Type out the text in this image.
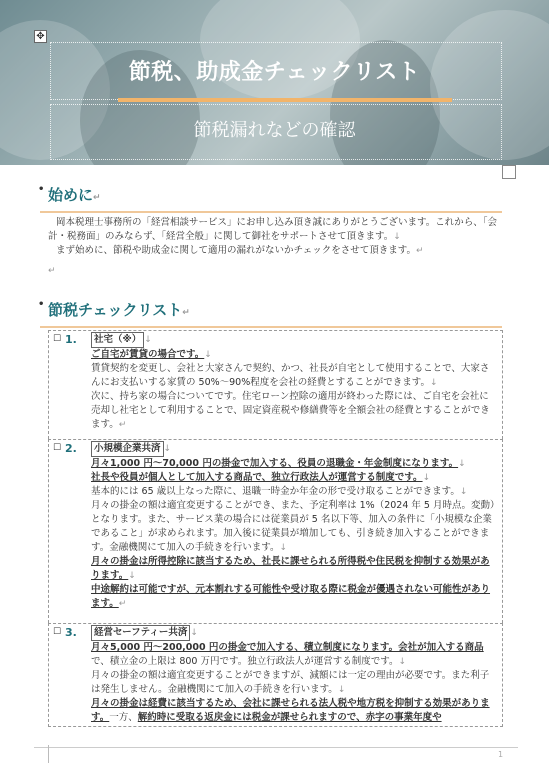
✥
節税、助成金チェックリスト
節税漏れなどの確認
• 始めに↵
岡本税理士事務所の「経営相談サービス」にお申し込み頂き誠にありがとうございます。これから、「会計・税務面」のみならず、「経営全般」に関して御社をサポートさせて頂きます。↓
まず始めに、節税や助成金に関して適用の漏れがないかチェックをさせて頂きます。↵
↵
• 節税チェックリスト↵
☐ 1.	社宅（※） ↓
ご自宅が賃貸の場合です。↓
賃貸契約を変更し、会社と大家さんで契約、かつ、社長が自宅として使用することで、大家さんにお支払いする家賃の 50%～90%程度を会社の経費とすることができます。↓
次に、持ち家の場合についてです。住宅ローン控除の適用が終わった際には、ご自宅を会社に売却し社宅として利用することで、固定資産税や修繕費等を全額会社の経費とすることができます。↵
☐ 2.	小規模企業共済 ↓
月々1,000 円～70,000 円の掛金で加入する、役員の退職金・年金制度になります。↓
社長や役員が個人として加入する商品で、独立行政法人が運営する制度です。↓
基本的には 65 歳以上なった際に、退職一時金か年金の形で受け取ることができます。↓
月々の掛金の額は適宜変更することができ、また、予定利率は 1%（2024 年 5 月時点。変動）となります。また、サービス業の場合には従業員が 5 名以下等、加入の条件に「小規模な企業であること」が求められます。加入後に従業員が増加しても、引き続き加入することができます。金融機関にて加入の手続きを行います。↓
月々の掛金は所得控除に該当するため、社長に課せられる所得税や住民税を抑制する効果があります。↓
中途解約は可能ですが、元本割れする可能性や受け取る際に税金が優遇されない可能性があります。↵
☐ 3.	経営セーフティー共済 ↓
月々5,000 円～200,000 円の掛金で加入する、積立制度になります。会社が加入する商品で、積立金の上限は 800 万円です。独立行政法人が運営する制度です。↓
月々の掛金の額は適宜変更することができますが、減額には一定の理由が必要です。また利子は発生しません。金融機関にて加入の手続きを行います。↓
月々の掛金は経費に該当するため、会社に課せられる法人税や地方税を抑制する効果があります。一方、解約時に受取る返戻金には税金が課せられますので、赤字の事業年度や
1
